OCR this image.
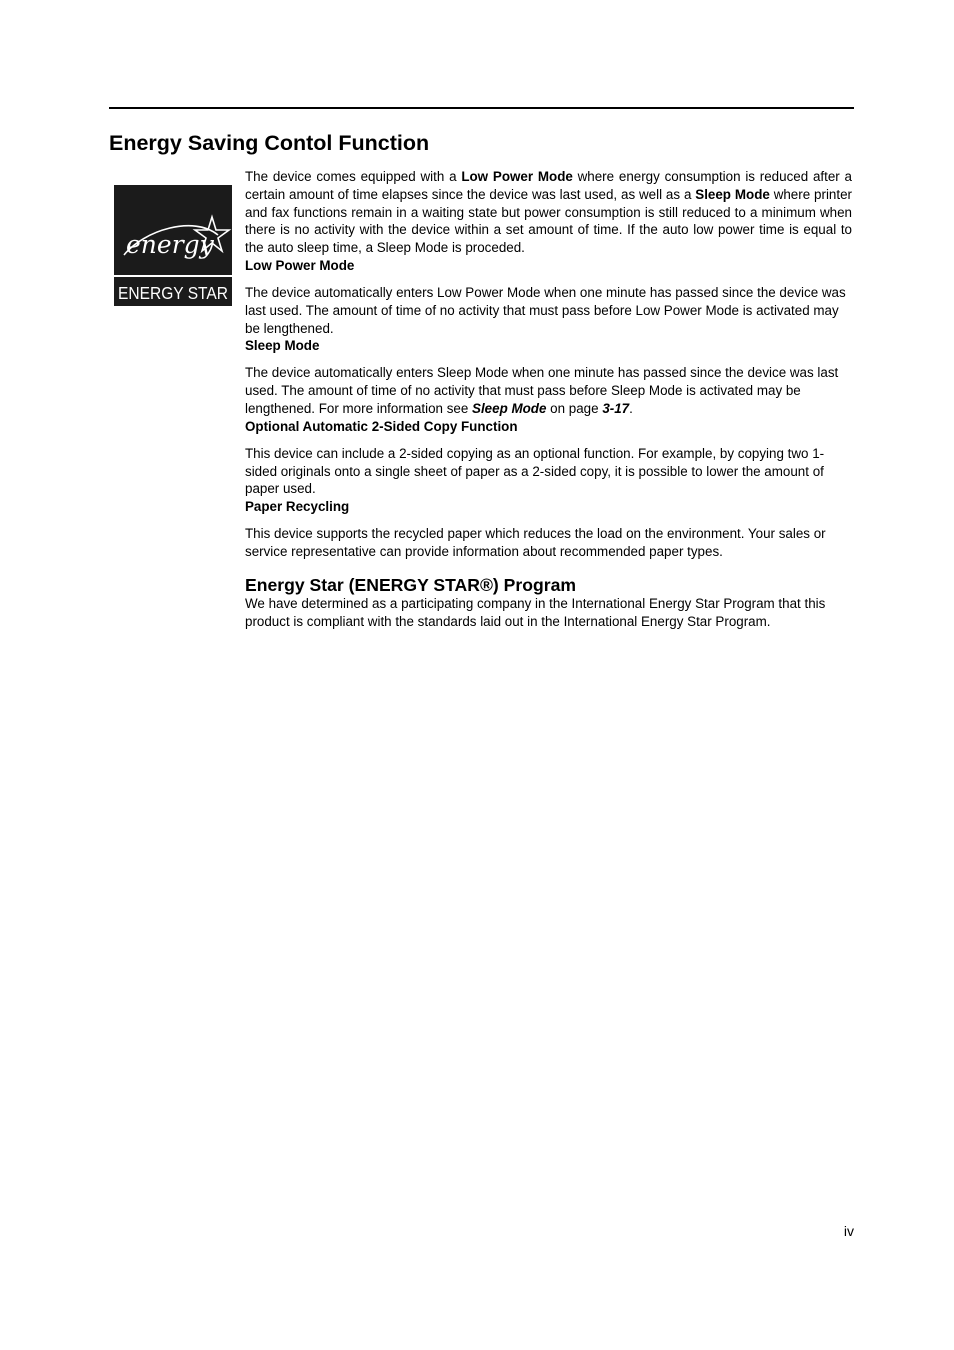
Energy Saving Contol Function
energy
ENERGY STAR

The device comes equipped with a Low Power Mode where energy consumption is reduced after a certain amount of time elapses since the device was last used, as well as a Sleep Mode where printer and fax functions remain in a waiting state but power consumption is still reduced to a minimum when there is no activity with the device within a set amount of time. If the auto low power time is equal to the auto sleep time, a Sleep Mode is proceded.

Low Power Mode

The device automatically enters Low Power Mode when one minute has passed since the device was last used. The amount of time of no activity that must pass before Low Power Mode is activated may be lengthened.

Sleep Mode

The device automatically enters Sleep Mode when one minute has passed since the device was last used. The amount of time of no activity that must pass before Sleep Mode is activated may be lengthened. For more information see Sleep Mode on page 3-17.

Optional Automatic 2-Sided Copy Function

This device can include a 2-sided copying as an optional function. For example, by copying two 1-sided originals onto a single sheet of paper as a 2-sided copy, it is possible to lower the amount of paper used.

Paper Recycling

This device supports the recycled paper which reduces the load on the environment. Your sales or service representative can provide information about recommended paper types.

Energy Star (ENERGY STAR®) Program

We have determined as a participating company in the International Energy Star Program that this product is compliant with the standards laid out in the International Energy Star Program.

iv
